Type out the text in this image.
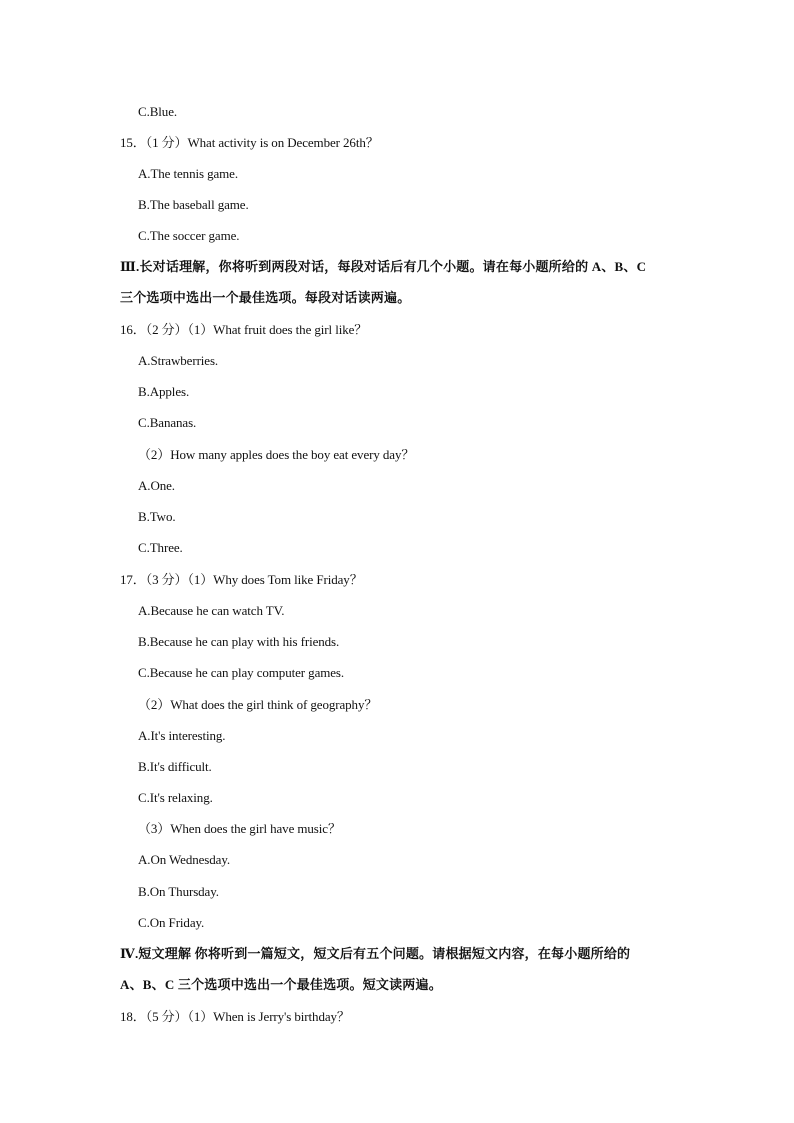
C.Blue.
15．（1 分）What activity is on December 26th？
A.The tennis game.
B.The baseball game.
C.The soccer game.
Ⅲ.长对话理解，你将听到两段对话，每段对话后有几个小题。请在每小题所给的 A、B、C
三个选项中选出一个最佳选项。每段对话读两遍。
16．（2 分）（1）What fruit does the girl like？
A.Strawberries.
B.Apples.
C.Bananas.
（2）How many apples does the boy eat every day？
A.One.
B.Two.
C.Three.
17．（3 分）（1）Why does Tom like Friday？
A.Because he can watch TV.
B.Because he can play with his friends.
C.Because he can play computer games.
（2）What does the girl think of geography？
A.It's interesting.
B.It's difficult.
C.It's relaxing.
（3）When does the girl have music？
A.On Wednesday.
B.On Thursday.
C.On Friday.
Ⅳ.短文理解 你将听到一篇短文，短文后有五个问题。请根据短文内容，在每小题所给的
A、B、C 三个选项中选出一个最佳选项。短文读两遍。
18．（5 分）（1）When is Jerry's birthday？
